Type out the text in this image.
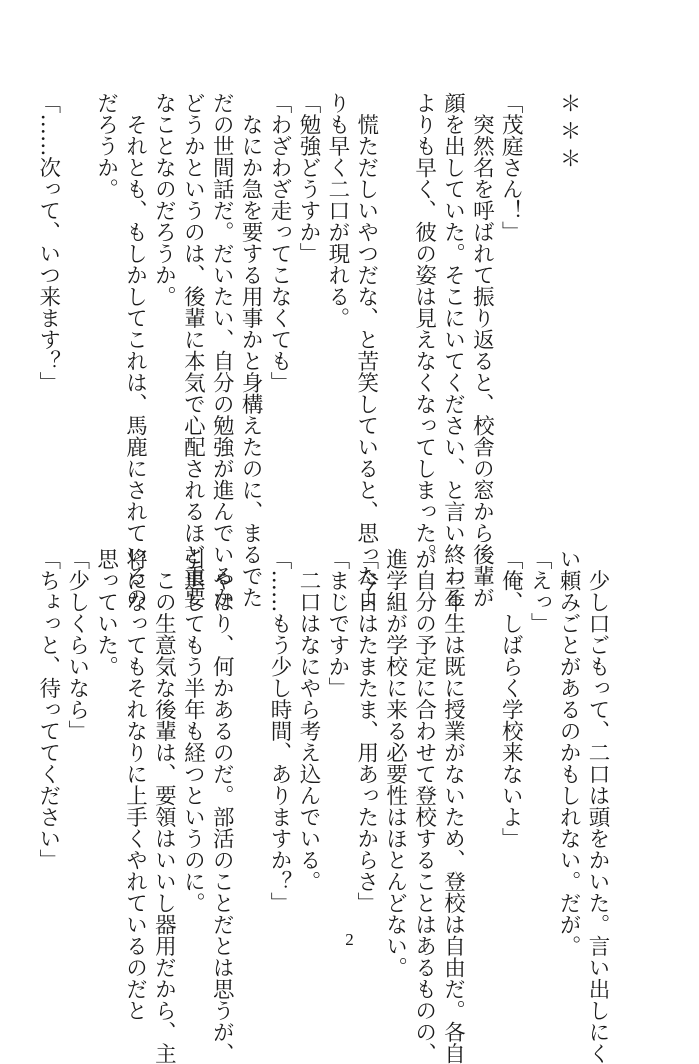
＊＊＊

「茂庭さん！」
　突然名を呼ばれて振り返ると、校舎の窓から後輩が
顔を出していた。そこにいてください、と言い終わる
よりも早く、彼の姿は見えなくなってしまった。

　慌ただしいやつだな、と苦笑していると、思ったよ
りも早く二口が現れる。
「勉強どうすか」
「わざわざ走ってこなくても」
　なにか急を要する用事かと身構えたのに、まるでた
だの世間話だ。だいたい、自分の勉強が進んでいるか
どうかというのは、後輩に本気で心配されるほど重要
なことなのだろうか。
　それとも、もしかしてこれは、馬鹿にされているの
だろうか。

「……次って、いつ来ます？」
　少し口ごもって、二口は頭をかいた。言い出しにく
い頼みごとがあるのかもしれない。だが。
「えっ」
「俺、しばらく学校来ないよ」

　三年生は既に授業がないため、登校は自由だ。各自
が自分の予定に合わせて登校することはあるものの、
進学組が学校に来る必要性はほとんどない。
「今日はたまたま、用あったからさ」
「まじですか」
　二口はなにやら考え込んでいる。
「……もう少し時間、ありますか？」

　やはり、何かあるのだ。部活のことだとは思うが、
引退してもう半年も経つというのに。
　この生意気な後輩は、要領はいいし器用だから、主
将になってもそれなりに上手くやれているのだと
思っていた。
「少しくらいなら」
「ちょっと、待っててください」
2
